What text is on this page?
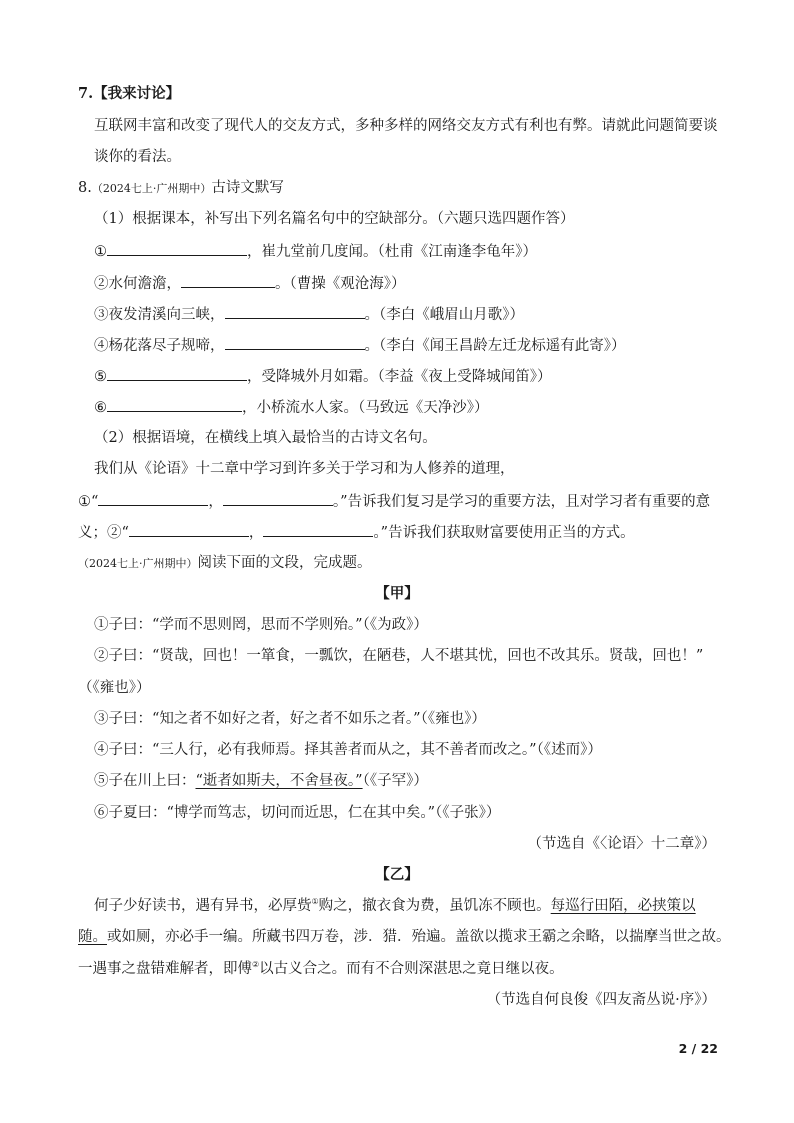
7.【我来讨论】
互联网丰富和改变了现代人的交友方式，多种多样的网络交友方式有利也有弊。请就此问题简要谈
谈你的看法。
8.（2024七上·广州期中）古诗文默写
（1）根据课本，补写出下列名篇名句中的空缺部分。（六题只选四题作答）
①	，崔九堂前几度闻。（杜甫《江南逢李龟年》）
②水何澹澹，	。（曹操《观沧海》）
③夜发清溪向三峡，	。（李白《峨眉山月歌》）
④杨花落尽子规啼，	。（李白《闻王昌龄左迁龙标遥有此寄》）
⑤	，受降城外月如霜。（李益《夜上受降城闻笛》）
⑥	，小桥流水人家。（马致远《天净沙》）
（2）根据语境，在横线上填入最恰当的古诗文名句。
我们从《论语》十二章中学习到许多关于学习和为人修养的道理，
①“	，	。”告诉我们复习是学习的重要方法，且对学习者有重要的意
义；②“	，	。”告诉我们获取财富要使用正当的方式。
（2024七上·广州期中）阅读下面的文段，完成题。
【甲】
①子曰：“学而不思则罔，思而不学则殆。”（《为政》）
②子曰：“贤哉，回也！一箪食，一瓢饮，在陋巷，人不堪其忧，回也不改其乐。贤哉，回也！”
（《雍也》）
③子曰：“知之者不如好之者，好之者不如乐之者。”（《雍也》）
④子曰：“三人行，必有我师焉。择其善者而从之，其不善者而改之。”（《述而》）
⑤子在川上曰：“逝者如斯夫，不舍昼夜。”（《子罕》）
⑥子夏曰：“博学而笃志，切问而近思，仁在其中矣。”（《子张》）
（节选自《〈论语〉十二章》）
【乙】
何子少好读书，遇有异书，必厚赀①购之，撤衣食为费，虽饥冻不顾也。每巡行田陌，必挟策以
随。或如厕，亦必手一编。所藏书四万卷，涉．猎．殆遍。盖欲以揽求王霸之余略，以揣摩当世之故。
一遇事之盘错难解者，即傅②以古义合之。而有不合则深湛思之竟日继以夜。
（节选自何良俊《四友斋丛说·序》）
2 / 22
